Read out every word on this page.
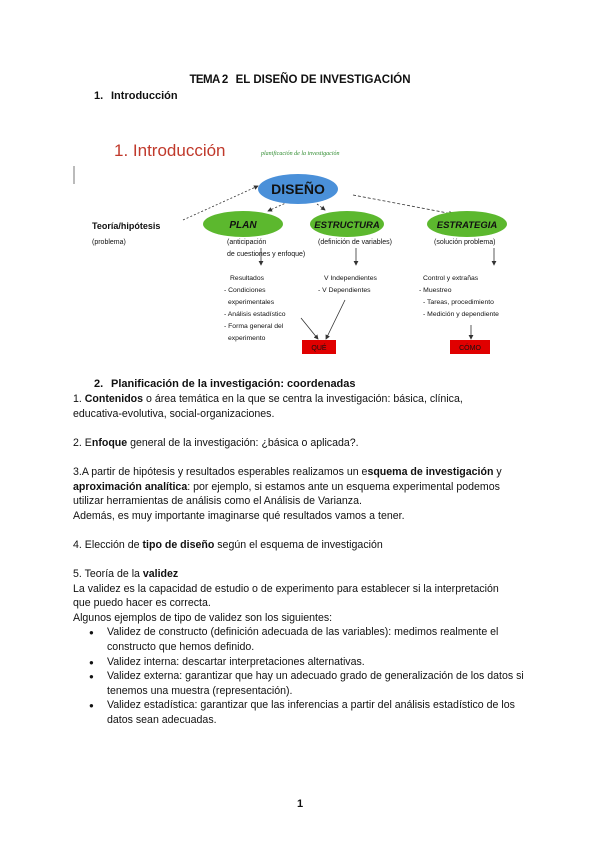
TEMA 2 EL DISEÑO DE INVESTIGACIÓN
1. Introducción
1. Introducción	planificación de la investigación
DISEÑO
PLAN	ESTRUCTURA	ESTRATEGIA
Teoría/hipótesis
(problema)	(anticipación
de cuestiones y enfoque)
(definición de variables)	(solución problema)
Resultados
- Condiciones
experimentales
- Análisis estadístico
- Forma general del
experimento
V Independientes
- V Dependientes
Control y extrañas
- Muestreo
- Tareas, procedimiento
- Medición y dependiente
QUÉ	CÓMO
2. Planificación de la investigación: coordenadas
1. Contenidos o área temática en la que se centra la investigación: básica, clínica,
educativa-evolutiva, social-organizaciones.
2. Enfoque general de la investigación: ¿básica o aplicada?.
3.A partir de hipótesis y resultados esperables realizamos un esquema de investigación y
aproximación analítica: por ejemplo, si estamos ante un esquema experimental podemos
utilizar herramientas de análisis como el Análisis de Varianza.
Además, es muy importante imaginarse qué resultados vamos a tener.
4. Elección de tipo de diseño según el esquema de investigación
5. Teoría de la validez
La validez es la capacidad de estudio o de experimento para establecer si la interpretación
que puedo hacer es correcta.
Algunos ejemplos de tipo de validez son los siguientes:
● Validez de constructo (definición adecuada de las variables): medimos realmente el constructo que hemos definido.
● Validez interna: descartar interpretaciones alternativas.
● Validez externa: garantizar que hay un adecuado grado de generalización de los datos si tenemos una muestra (representación).
● Validez estadística: garantizar que las inferencias a partir del análisis estadístico de los datos sean adecuadas.
1
